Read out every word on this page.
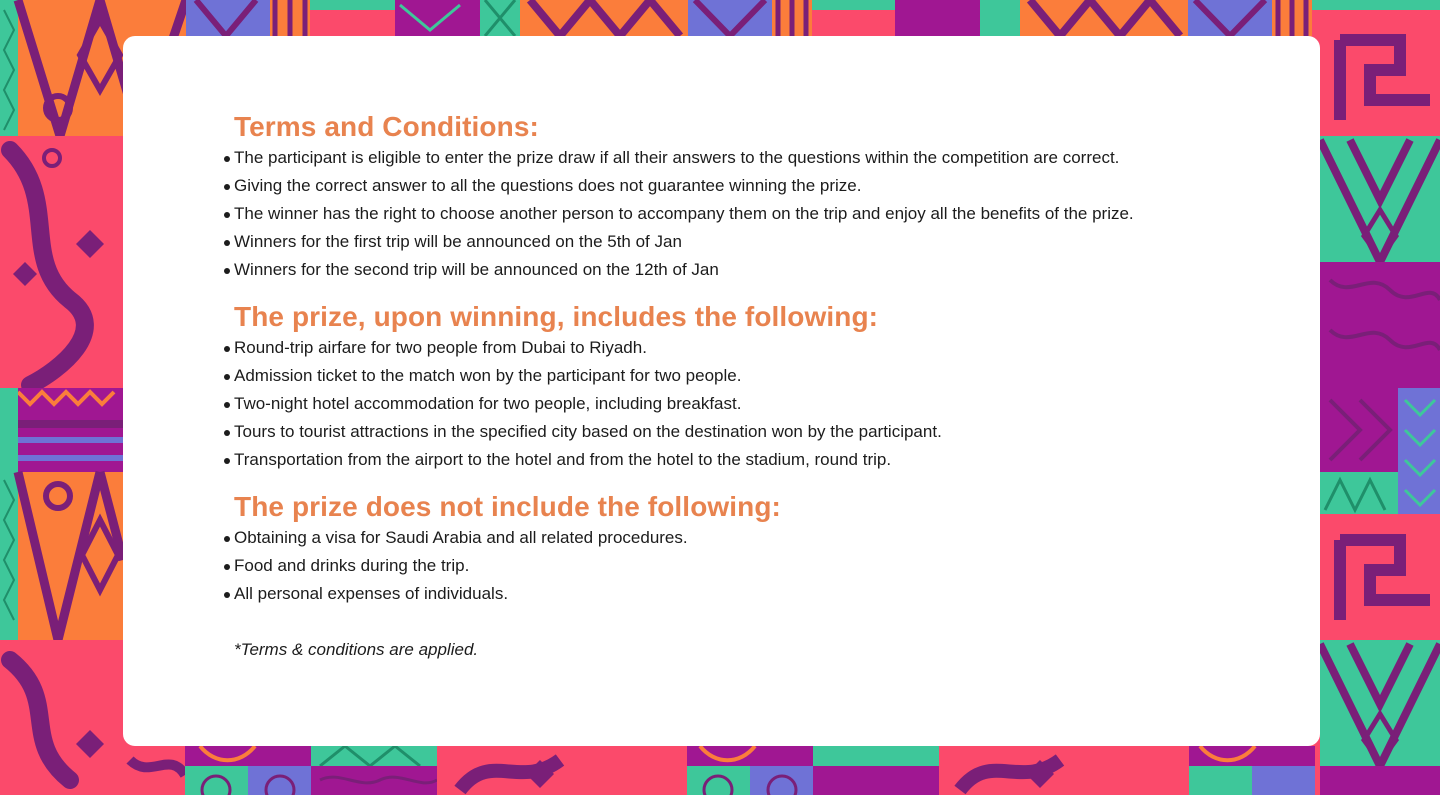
Terms and Conditions:
The participant is eligible to enter the prize draw if all their answers to the questions within the competition are correct.
Giving the correct answer to all the questions does not guarantee winning the prize.
The winner has the right to choose another person to accompany them on the trip and enjoy all the benefits of the prize.
Winners for the first trip will be announced on the 5th of Jan
Winners for the second trip will be announced on the 12th of Jan
The prize, upon winning, includes the following:
Round-trip airfare for two people from Dubai to Riyadh.
Admission ticket to the match won by the participant for two people.
Two-night hotel accommodation for two people, including breakfast.
Tours to tourist attractions in the specified city based on the destination won by the participant.
Transportation from the airport to the hotel and from the hotel to the stadium, round trip.
The prize does not include the following:
Obtaining a visa for Saudi Arabia and all related procedures.
Food and drinks during the trip.
All personal expenses of individuals.

*Terms & conditions are applied.
